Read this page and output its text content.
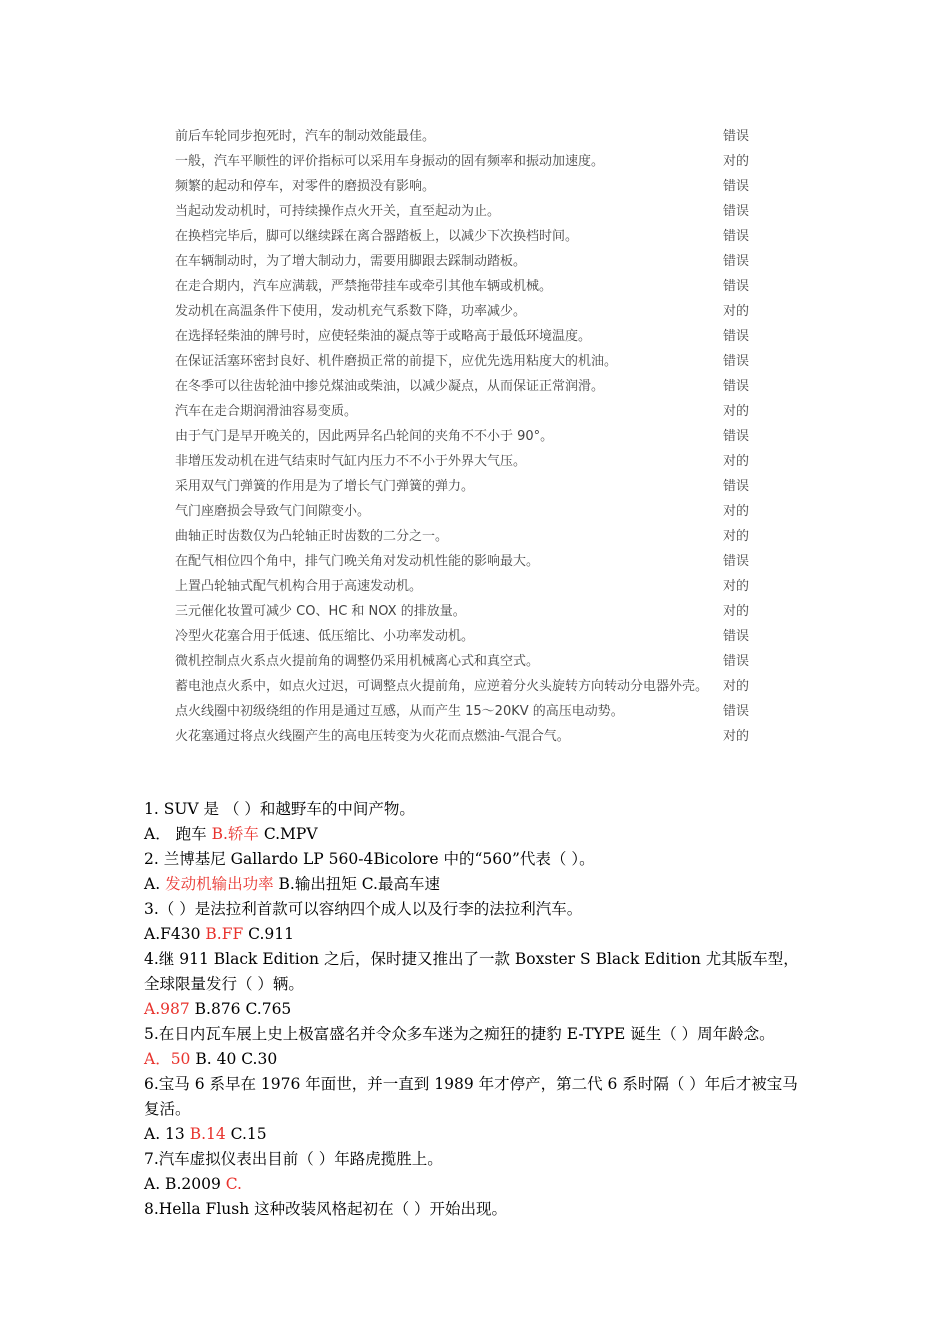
前后车轮同步抱死时，汽车的制动效能最佳。	错误
一般，汽车平顺性的评价指标可以采用车身振动的固有频率和振动加速度。	对的
频繁的起动和停车，对零件的磨损没有影响。	错误
当起动发动机时，可持续操作点火开关，直至起动为止。	错误
在换档完毕后，脚可以继续踩在离合器踏板上，以减少下次换档时间。	错误
在车辆制动时，为了增大制动力，需要用脚跟去踩制动踏板。	错误
在走合期内，汽车应满载，严禁拖带挂车或牵引其他车辆或机械。	错误
发动机在高温条件下使用，发动机充气系数下降，功率减少。	对的
在选择轻柴油的牌号时，应使轻柴油的凝点等于或略高于最低环境温度。	错误
在保证活塞环密封良好、机件磨损正常的前提下，应优先选用粘度大的机油。	错误
在冬季可以往齿轮油中掺兑煤油或柴油，以减少凝点，从而保证正常润滑。	错误
汽车在走合期润滑油容易变质。	对的
由于气门是早开晚关的，因此两异名凸轮间的夹角不不小于 90°。	错误
非增压发动机在进气结束时气缸内压力不不小于外界大气压。	对的
采用双气门弹簧的作用是为了增长气门弹簧的弹力。	错误
气门座磨损会导致气门间隙变小。	对的
曲轴正时齿数仅为凸轮轴正时齿数的二分之一。	对的
在配气相位四个角中，排气门晚关角对发动机性能的影响最大。	错误
上置凸轮轴式配气机构合用于高速发动机。	对的
三元催化妆置可减少 CO、HC 和 NOX 的排放量。	对的
冷型火花塞合用于低速、低压缩比、小功率发动机。	错误
微机控制点火系点火提前角的调整仍采用机械离心式和真空式。	错误
蓄电池点火系中，如点火过迟，可调整点火提前角，应逆着分火头旋转方向转动分电器外壳。	对的
点火线圈中初级绕组的作用是通过互感，从而产生 15～20KV 的高压电动势。	错误
火花塞通过将点火线圈产生的高电压转变为火花而点燃油-气混合气。	对的

1. SUV 是 （ ）和越野车的中间产物。

A． 跑车 B.轿车 C.MPV

2. 兰博基尼 Gallardo LP 560-4Bicolore 中的“560”代表（ ）。

A. 发动机输出功率 B.输出扭矩 C.最高车速

3.（ ）是法拉利首款可以容纳四个成人以及行李的法拉利汽车。

A.F430 B.FF C.911

4.继 911 Black Edition 之后，保时捷又推出了一款 Boxster S Black Edition 尤其版车型，全球限量发行（ ）辆。

A.987 B.876 C.765

5.在日内瓦车展上史上极富盛名并令众多车迷为之痴狂的捷豹 E-TYPE 诞生（ ）周年龄念。

A．50 B. 40 C.30

6.宝马 6 系早在 1976 年面世，并一直到 1989 年才停产，第二代 6 系时隔（ ）年后才被宝马复活。

A. 13 B.14 C.15

7.汽车虚拟仪表出目前（ ）年路虎揽胜上。

A. B.2009 C.

8.Hella Flush 这种改装风格起初在（ ）开始出现。
